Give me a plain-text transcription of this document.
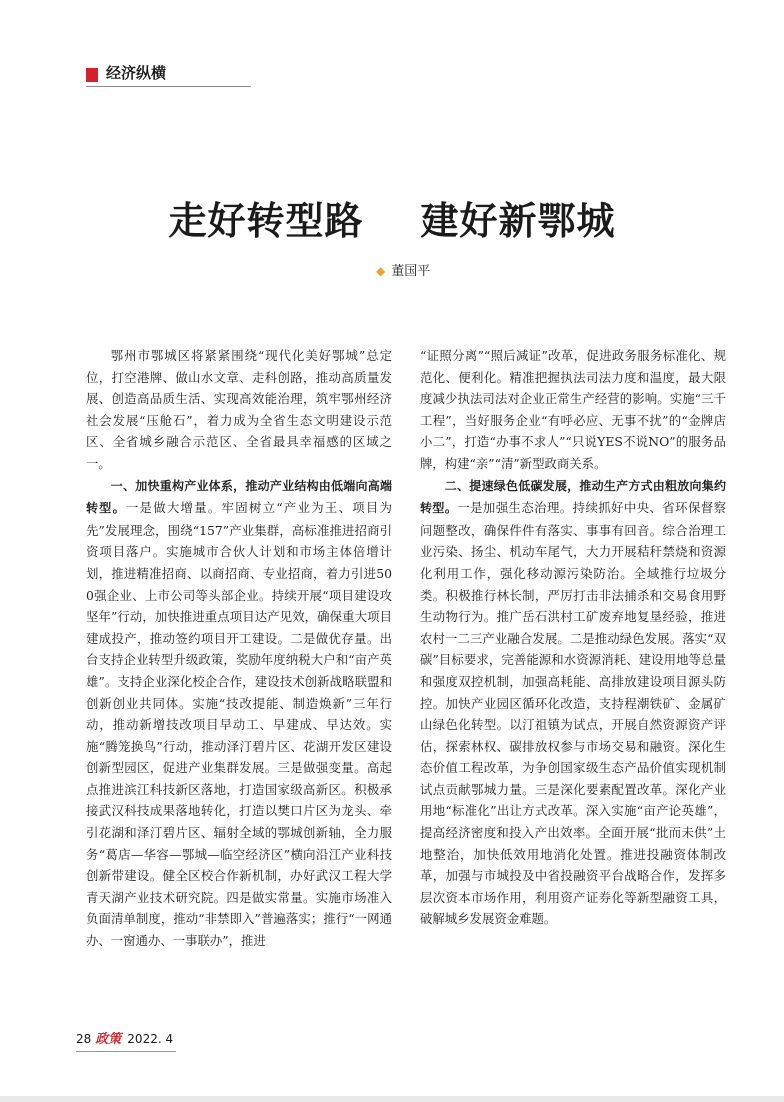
经济纵横
走好转型路    建好新鄂城
◆ 董国平

鄂州市鄂城区将紧紧围绕“现代化美好鄂城”总定位，打空港牌、做山水文章、走科创路，推动高质量发展、创造高品质生活、实现高效能治理，筑牢鄂州经济社会发展“压舱石”，着力成为全省生态文明建设示范区、全省城乡融合示范区、全省最具幸福感的区域之一。

一、加快重构产业体系，推动产业结构由低端向高端转型。一是做大增量。牢固树立“产业为王、项目为先”发展理念，围绕“157”产业集群，高标准推进招商引资项目落户。实施城市合伙人计划和市场主体倍增计划，推进精准招商、以商招商、专业招商，着力引进500强企业、上市公司等头部企业。持续开展“项目建设攻坚年”行动，加快推进重点项目达产见效，确保重大项目建成投产，推动签约项目开工建设。二是做优存量。出台支持企业转型升级政策，奖励年度纳税大户和“亩产英雄”。支持企业深化校企合作，建设技术创新战略联盟和创新创业共同体。实施“技改提能、制造焕新”三年行动，推动新增技改项目早动工、早建成、早达效。实施“腾笼换鸟”行动，推动泽汀碧片区、花湖开发区建设创新型园区，促进产业集群发展。三是做强变量。高起点推进滨江科技新区落地，打造国家级高新区。积极承接武汉科技成果落地转化，打造以樊口片区为龙头、牵引花湖和泽汀碧片区、辐射全域的鄂城创新轴，全力服务“葛店—华容—鄂城—临空经济区”横向沿江产业科技创新带建设。健全区校合作新机制，办好武汉工程大学青天湖产业技术研究院。四是做实常量。实施市场准入负面清单制度，推动“非禁即入”普遍落实；推行“一网通办、一窗通办、一事联办”，推进

“证照分离”“照后减证”改革，促进政务服务标准化、规范化、便利化。精准把握执法司法力度和温度，最大限度减少执法司法对企业正常生产经营的影响。实施“三千工程”，当好服务企业“有呼必应、无事不扰”的“金牌店小二”，打造“办事不求人”“只说YES不说NO”的服务品牌，构建“亲”“清”新型政商关系。

二、提速绿色低碳发展，推动生产方式由粗放向集约转型。一是加强生态治理。持续抓好中央、省环保督察问题整改，确保件件有落实、事事有回音。综合治理工业污染、扬尘、机动车尾气，大力开展秸秆禁烧和资源化利用工作，强化移动源污染防治。全域推行垃圾分类。积极推行林长制，严厉打击非法捕杀和交易食用野生动物行为。推广岳石洪村工矿废弃地复垦经验，推进农村一二三产业融合发展。二是推动绿色发展。落实“双碳”目标要求，完善能源和水资源消耗、建设用地等总量和强度双控机制，加强高耗能、高排放建设项目源头防控。加快产业园区循环化改造，支持程潮铁矿、金属矿山绿色化转型。以汀祖镇为试点，开展自然资源资产评估，探索林权、碳排放权参与市场交易和融资。深化生态价值工程改革，为争创国家级生态产品价值实现机制试点贡献鄂城力量。三是深化要素配置改革。深化产业用地“标准化”出让方式改革。深入实施“亩产论英雄”，提高经济密度和投入产出效率。全面开展“批而未供”土地整治，加快低效用地消化处置。推进投融资体制改革，加强与市城投及中省投融资平台战略合作，发挥多层次资本市场作用，利用资产证券化等新型融资工具，破解城乡发展资金难题。

28 政策 2022. 4
